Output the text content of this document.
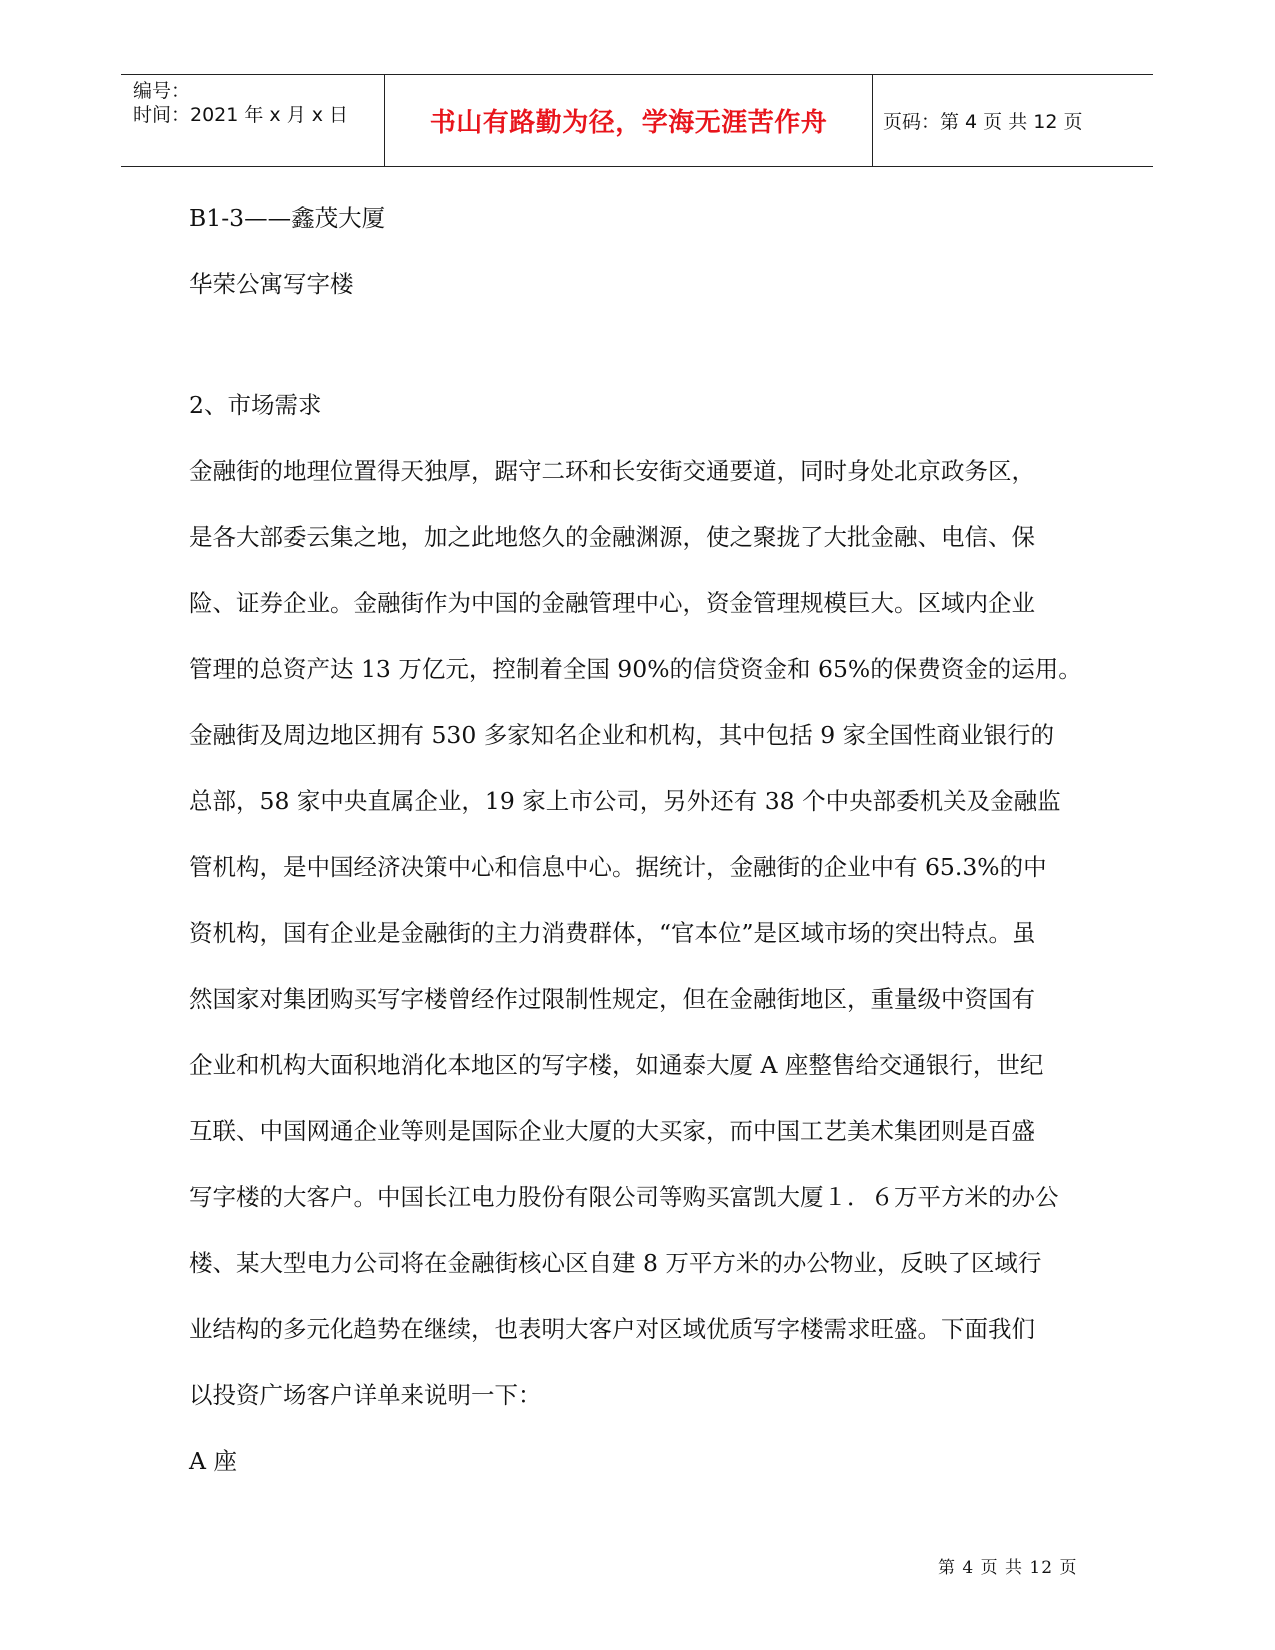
编号：
时间：2021 年 x 月 x 日	书山有路勤为径，学海无涯苦作舟	页码：第 4 页 共 12 页
B1-3——鑫茂大厦
华荣公寓写字楼
2、市场需求
金融街的地理位置得天独厚，踞守二环和长安街交通要道，同时身处北京政务区，
是各大部委云集之地，加之此地悠久的金融渊源，使之聚拢了大批金融、电信、保
险、证券企业。金融街作为中国的金融管理中心，资金管理规模巨大。区域内企业
管理的总资产达 13 万亿元，控制着全国 90%的信贷资金和 65%的保费资金的运用。
金融街及周边地区拥有 530 多家知名企业和机构，其中包括 9 家全国性商业银行的
总部，58 家中央直属企业，19 家上市公司，另外还有 38 个中央部委机关及金融监
管机构，是中国经济决策中心和信息中心。据统计，金融街的企业中有 65.3%的中
资机构，国有企业是金融街的主力消费群体，“官本位”是区域市场的突出特点。虽
然国家对集团购买写字楼曾经作过限制性规定，但在金融街地区，重量级中资国有
企业和机构大面积地消化本地区的写字楼，如通泰大厦 A 座整售给交通银行，世纪
互联、中国网通企业等则是国际企业大厦的大买家，而中国工艺美术集团则是百盛
写字楼的大客户。中国长江电力股份有限公司等购买富凯大厦１．６万平方米的办公
楼、某大型电力公司将在金融街核心区自建 8 万平方米的办公物业，反映了区域行
业结构的多元化趋势在继续，也表明大客户对区域优质写字楼需求旺盛。下面我们
以投资广场客户详单来说明一下：
A 座
第 4 页 共 12 页
